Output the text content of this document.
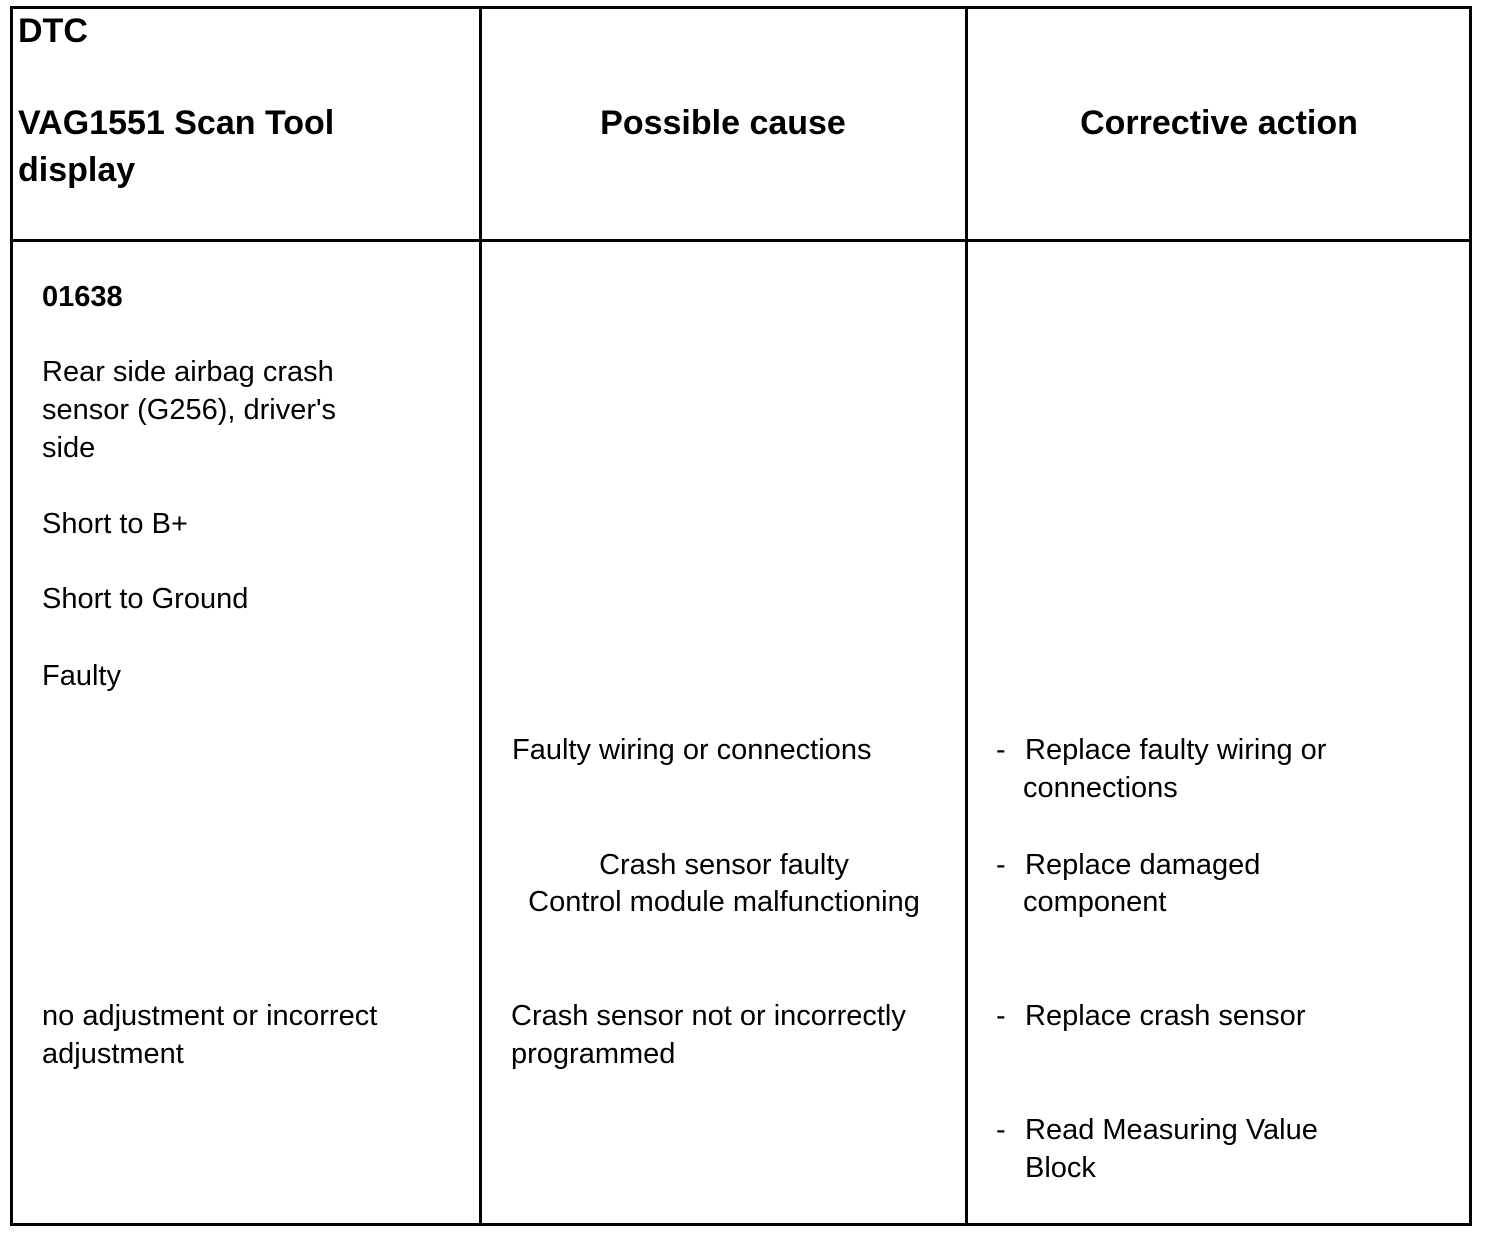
DTC
VAG1551 Scan Tool
display
Possible cause	Corrective action
01638
Rear side airbag crash
sensor (G256), driver's
side
Short to B+
Short to Ground
Faulty
no adjustment or incorrect
adjustment
Faulty wiring or connections
Crash sensor faulty
Control module malfunctioning
Crash sensor not or incorrectly
programmed
- Replace faulty wiring or
connections
- Replace damaged
component
- Replace crash sensor
- Read Measuring Value
Block
